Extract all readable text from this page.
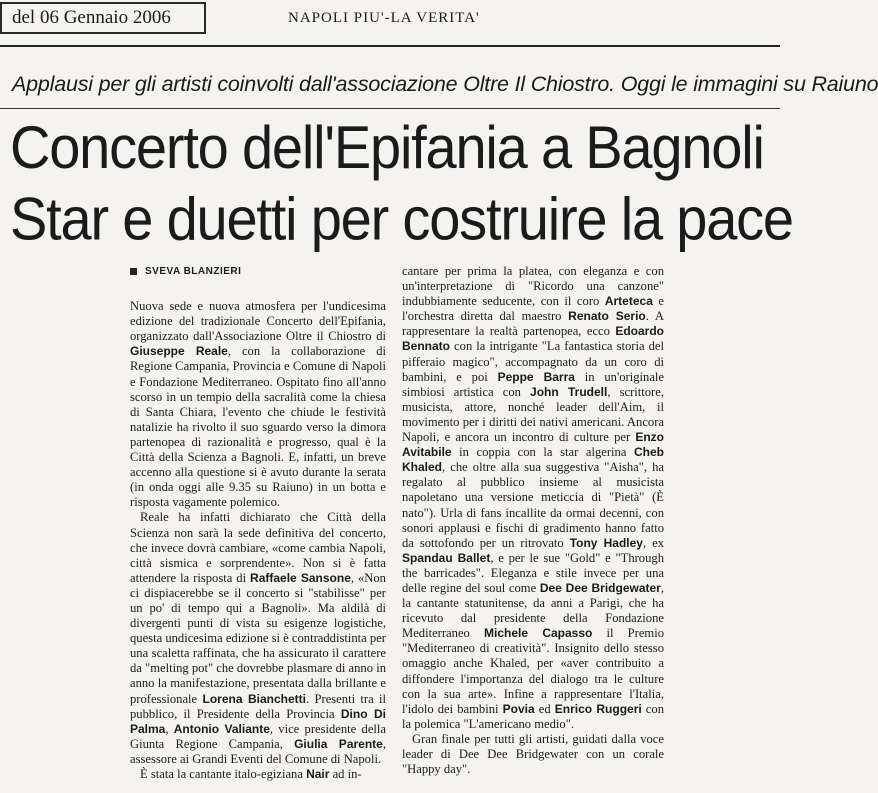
del 06 Gennaio 2006	NAPOLI PIU'-LA VERITA'
Applausi per gli artisti coinvolti dall'associazione Oltre Il Chiostro. Oggi le immagini su Raiuno
Concerto dell'Epifania a Bagnoli
Star e duetti per costruire la pace
SVEVA BLANZIERI

Nuova sede e nuova atmosfera per l'undicesima edizione del tradizionale Concerto dell'Epifania, organizzato dall'Associazione Oltre il Chiostro di Giuseppe Reale, con la collaborazione di Regione Campania, Provincia e Comune di Napoli e Fondazione Mediterraneo. Ospitato fino all'anno scorso in un tempio della sacralità come la chiesa di Santa Chiara, l'evento che chiude le festività natalizie ha rivolto il suo sguardo verso la dimora partenopea di razionalità e progresso, qual è la Città della Scienza a Bagnoli. E, infatti, un breve accenno alla questione si è avuto durante la serata (in onda oggi alle 9.35 su Raiuno) in un botta e risposta vagamente polemico.

Reale ha infatti dichiarato che Città della Scienza non sarà la sede definitiva del concerto, che invece dovrà cambiare, «come cambia Napoli, città sismica e sorprendente». Non si è fatta attendere la risposta di Raffaele Sansone, «Non ci dispiacerebbe se il concerto si "stabilisse" per un po' di tempo qui a Bagnoli». Ma aldilà di divergenti punti di vista su esigenze logistiche, questa undicesima edizione si è contraddistinta per una scaletta raffinata, che ha assicurato il carattere da "melting pot" che dovrebbe plasmare di anno in anno la manifestazione, presentata dalla brillante e professionale Lorena Bianchetti. Presenti tra il pubblico, il Presidente della Provincia Dino Di Palma, Antonio Valiante, vice presidente della Giunta Regione Campania, Giulia Parente, assessore ai Grandi Eventi del Comune di Napoli.

È stata la cantante italo-egiziana Nair ad in-

cantare per prima la platea, con eleganza e con un'interpretazione di "Ricordo una canzone" indubbiamente seducente, con il coro Arteteca e l'orchestra diretta dal maestro Renato Serio. A rappresentare la realtà partenopea, ecco Edoardo Bennato con la intrigante "La fantastica storia del pifferaio magico", accompagnato da un coro di bambini, e poi Peppe Barra in un'originale simbiosi artistica con John Trudell, scrittore, musicista, attore, nonché leader dell'Aim, il movimento per i diritti dei nativi americani. Ancora Napoli, e ancora un incontro di culture per Enzo Avitabile in coppia con la star algerina Cheb Khaled, che oltre alla sua suggestiva "Aisha", ha regalato al pubblico insieme al musicista napoletano una versione meticcia di "Pietà" (È nato"). Urla di fans incallite da ormai decenni, con sonori applausi e fischi di gradimento hanno fatto da sottofondo per un ritrovato Tony Hadley, ex Spandau Ballet, e per le sue "Gold" e "Through the barricades". Eleganza e stile invece per una delle regine del soul come Dee Dee Bridgewater, la cantante statunitense, da anni a Parigi, che ha ricevuto dal presidente della Fondazione Mediterraneo Michele Capasso il Premio "Mediterraneo di creatività". Insignito dello stesso omaggio anche Khaled, per «aver contribuito a diffondere l'importanza del dialogo tra le culture con la sua arte». Infine a rappresentare l'Italia, l'idolo dei bambini Povia ed Enrico Ruggeri con la polemica "L'americano medio".

Gran finale per tutti gli artisti, guidati dalla voce leader di Dee Dee Bridgewater con un corale "Happy day".
